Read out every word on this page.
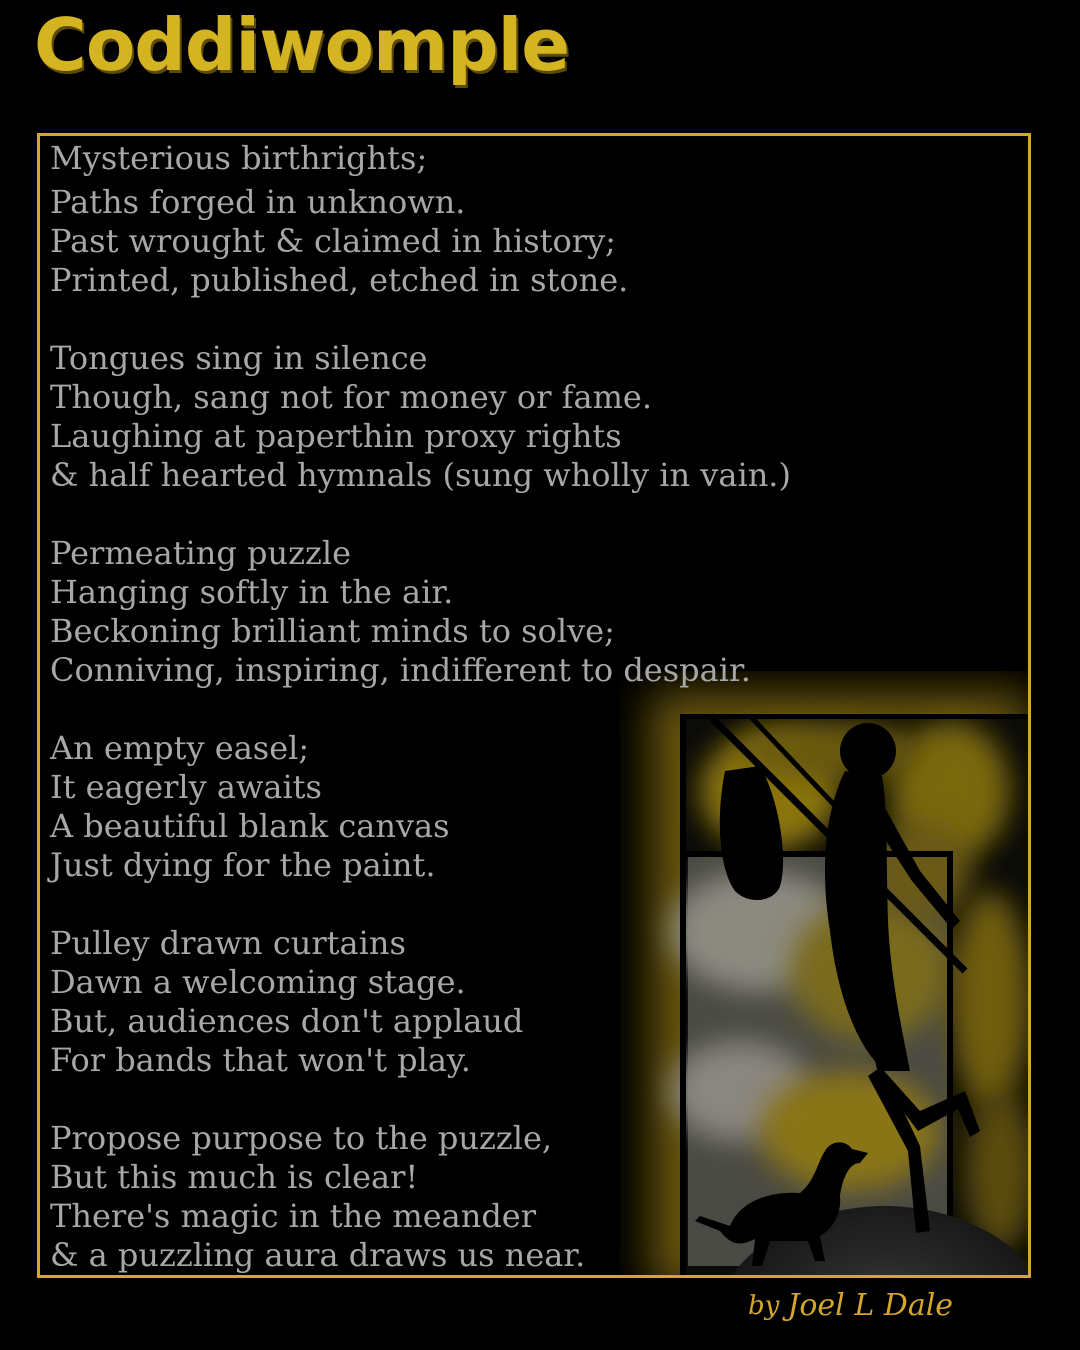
Coddiwomple
Mysterious birthrights;
Paths forged in unknown.
Past wrought & claimed in history;
Printed, published, etched in stone.
Tongues sing in silence
Though, sang not for money or fame.
Laughing at paperthin proxy rights
& half hearted hymnals (sung wholly in vain.)
Permeating puzzle
Hanging softly in the air.
Beckoning brilliant minds to solve;
Conniving, inspiring, indifferent to despair.
An empty easel;
It eagerly awaits
A beautiful blank canvas
Just dying for the paint.
Pulley drawn curtains
Dawn a welcoming stage.
But, audiences don't applaud
For bands that won't play.
Propose purpose to the puzzle,
But this much is clear!
There's magic in the meander
& a puzzling aura draws us near.
by Joel L Dale
